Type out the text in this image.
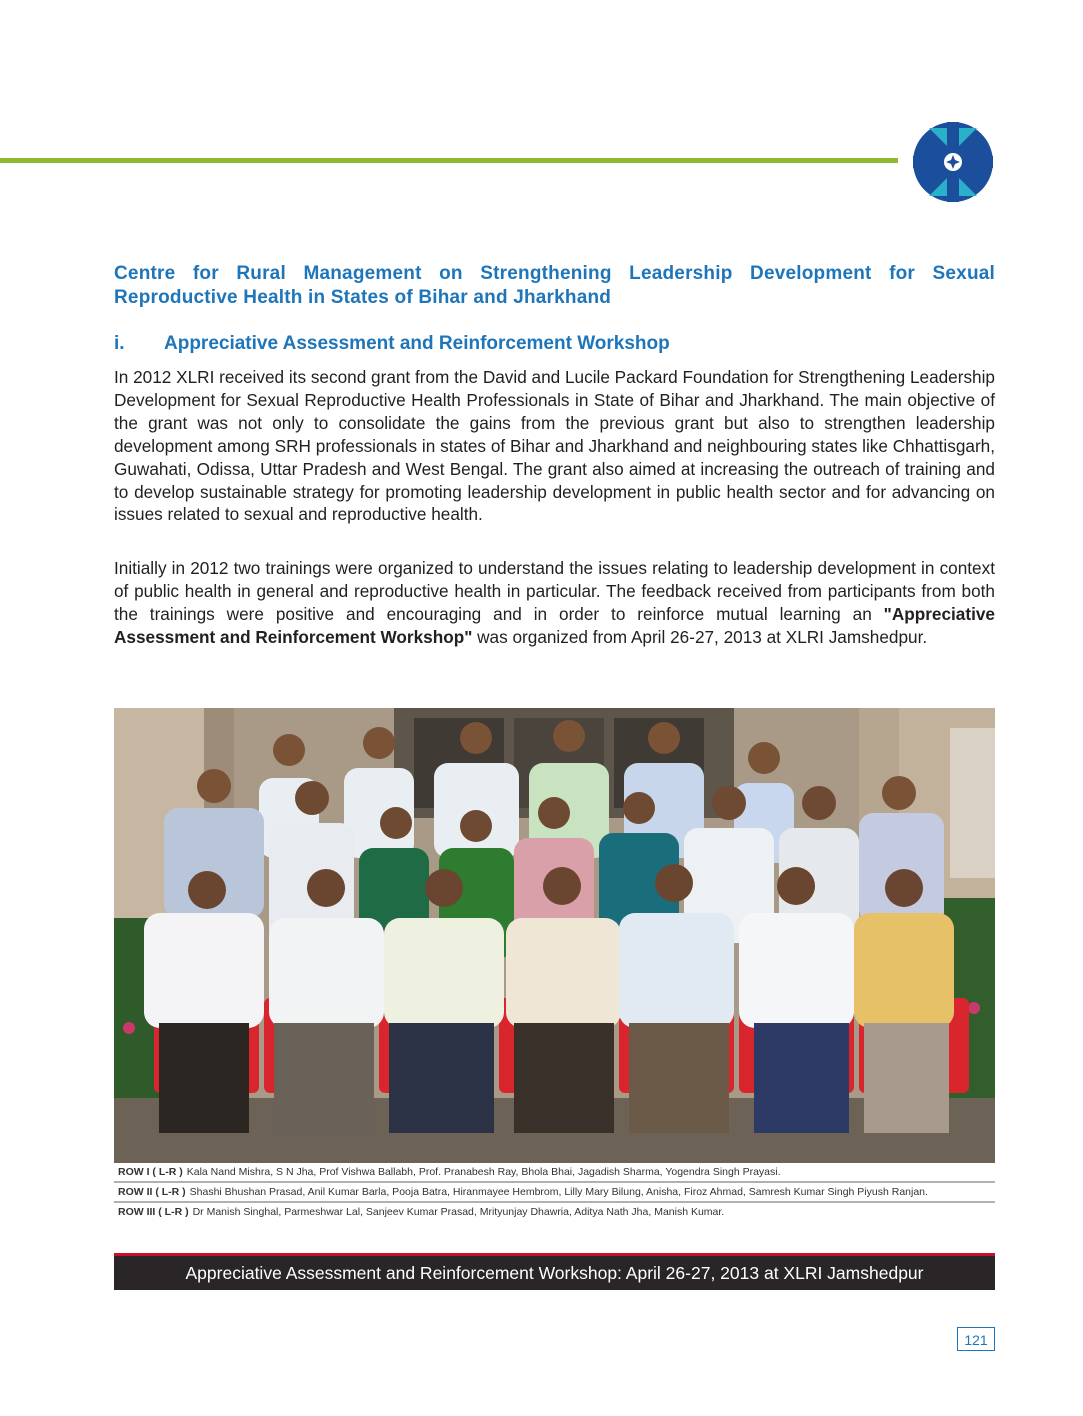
Centre for Rural Management on Strengthening Leadership Development for Sexual Reproductive Health in States of Bihar and Jharkhand
i. Appreciative Assessment and Reinforcement Workshop
In 2012 XLRI received its second grant from the David and Lucile Packard Foundation for Strengthening Leadership Development for Sexual Reproductive Health Professionals in State of Bihar and Jharkhand. The main objective of the grant was not only to consolidate the gains from the previous grant but also to strengthen leadership development among SRH professionals in states of Bihar and Jharkhand and neighbouring states like Chhattisgarh, Guwahati, Odissa, Uttar Pradesh and West Bengal. The grant also aimed at increasing the outreach of training and to develop sustainable strategy for promoting leadership development in public health sector and for advancing on issues related to sexual and reproductive health.
Initially in 2012 two trainings were organized to understand the issues relating to leadership development in context of public health in general and reproductive health in particular. The feedback received from participants from both the trainings were positive and encouraging and in order to reinforce mutual learning an "Appreciative Assessment and Reinforcement Workshop" was organized from April 26-27, 2013 at XLRI Jamshedpur.
ROW I ( L-R ) Kala Nand Mishra, S N Jha, Prof Vishwa Ballabh, Prof. Pranabesh Ray, Bhola Bhai, Jagadish Sharma, Yogendra Singh Prayasi.
ROW II ( L-R ) Shashi Bhushan Prasad, Anil Kumar Barla, Pooja Batra, Hiranmayee Hembrom, Lilly Mary Bilung, Anisha, Firoz Ahmad, Samresh Kumar Singh Piyush Ranjan.
ROW III ( L-R ) Dr Manish Singhal, Parmeshwar Lal, Sanjeev Kumar Prasad, Mrityunjay Dhawria, Aditya Nath Jha, Manish Kumar.
Appreciative Assessment and Reinforcement Workshop: April 26-27, 2013 at XLRI Jamshedpur
121
